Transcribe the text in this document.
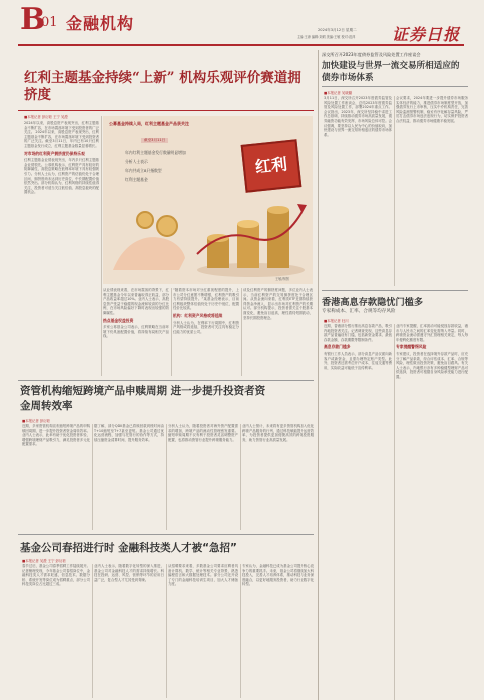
B
01 金融机构	2024年3月12日 星期二
主编:王涛 编辑:刘炳 美编:王敏 校对:范萍 证券日报
红利主题基金持续“上新” 机构乐观评价赛道拥挤度
■本报记者 彭衍菘 王宁 吴澄
2024年以来，高股息资产表现突出，红利主题基金不断扩容，在市场震荡环境下受到投资者的广泛关注。 2024年以来，高股息资产表现突出，红利主题基金不断扩容，在市场震荡环境下受到投资者的广泛关注。截至3月11日，年内已有10只红利主题基金发行成立，红利主题基金数量显著增长。
对市场的红利资产拥挤度仍保持乐观
红利主题基金业绩表现突出，年内多只红利主题基金业绩领先。公募机构表示，红利资产具有较好的防御属性，高股息策略在低利率环境下具有较强吸引力。分析人士认为，红利资产的估值仍处于合理区间，拥挤度尚未达到历史高位，中长期配置价值依然突出。部分机构认为，红利风格的持续性值得关注，投资者可适当关注低估值、高股息板块的配置机会。
公募基金持续入局，红利主题基金产品获关注
截至3月11日
年内红利主题基金发行数量明显增加
分析人士表示
年内共成立8只指数型
红利主题基金
红利
王敏/制图
从业绩表现来看，在市场震荡的背景下，红利主题基金今年以来普遍取得正收益，部分产品收益率超过10%。业内人士表示，高股息资产受益于稳健的现金流和较高的分红比例，在市场风险偏好下降时表现出较强的防御属性。
热点基金权益投资
多家公募基金公司表示，红利策略在当前环境下仍具备配置价值，将持续布局相关产品线。
“随着资本市场对分红重视程度的提升，上市公司分红意愿不断增强，红利资产的吸引力有望持续提升。”某基金经理表示，目前红利板块整体估值仍处于历史中低位，配置性价比较高。
机构：红利资产风格或将延续
分析人士认为，在利率下行周期中，红利资产风格或将延续，投资者可关注具有稳定分红能力的优质公司。
谈及红利资产的拥挤度问题，多位业内人士表示，当前红利资产的交易拥挤度处于合理区间。从资金流向来看，红利类ETF近期持续获得资金净流入，显示出市场对红利资产的长期认可。部分机构提示，投资者需关注个股基本面变化，避免盲目追高，理性看待短期波动，坚持长期投资理念。
深交所召开2023年度债券监管及风险处置工作座谈会
加快建设与世界一流交易所相适应的债券市场体系
■本报记者 吴晓璐
3月11日，深交所召开2023年度债券监管及风险处置工作座谈会，总结2023年度债券监管及风险处置工作，部署2024年重点工作。会议指出，2023年，深交所坚持稳中求进工作总基调，持续推动债券市场高质量发展，债券融资功能有效发挥，市场风险总体可控。会议强调，要坚持以人民为中心的价值取向，加快建设与世界一流交易所相适应的债券市场体系。
会议要求，2024年要进一步提升债券市场服务实体经济的能力，推进债券市场制度型开放，加强债券发行上市审核，压实中介机构责任，完善风险监测预警机制，稳妥有序化解存量风险，严厉打击债券市场违法违规行为，切实保护投资者合法权益，推动债券市场健康平稳发展。
香港高息存款隐忧门槛多
专家称成本、汇率、合规等均存风险
■本报记者 杜川
近期，香港部分银行推出高息存款产品，吸引内地投资者关注。记者调查发现，这些高息存款产品普遍设有门槛，包括新资金要求、最低存款金额、存款期限等限制条件。
高息存款门槛多
有银行工作人员表示，部分高息产品仅面向新客户或新资金，且需办理特定账户类型。此外，投资者还需考虑开户成本、往返交通等费用，实际收益可能低于宣传利率。
业内专家提醒，汇率波动可能侵蚀存款收益，港币与人民币之间的汇率变化需纳入考量。同时，跨境资金流动需遵守外汇管理相关规定，每人每年便利化额度有限。
专家提醒警惕风险
专家建议，投资者在选择境外存款产品时，应充分了解产品条款，综合评估成本、汇率、合规等风险，理性做出投资决策，避免盲目跟风。有关人士表示，内地银行亦有多种稳健型理财产品可供选择，投资者可根据自身风险承受能力进行配置。
资管机构缩短跨境产品申赎周期 进一步提升投资者资金周转效率
■本报记者 彭衍菘
近期，多家资管机构宣布缩短跨境产品的申购赎回周期，进一步提升投资者资金周转效率。业内人士表示，此举有助于优化投资者体验，增强跨境理财产品吸引力，满足投资者多元化配置需求。
据了解，部分QDII基金已将赎回款到账时间由T+10缩短至T+7甚至更短。基金公司通过优化运营流程、加强与托管行的协作等方式，持续压缩资金清算时间，提升服务效率。
分析人士认为，随着投资者对海外资产配置需求的增加，跨境产品的流动性管理愈发重要。缩短申赎周期不仅有利于投资者灵活调整资产配置，也将推动资管行业提升跨境服务能力。
业内人士预计，未来将有更多资管机构加入优化跨境产品服务的行列，通过科技赋能提升运营效率，为投资者提供更加便捷高效的跨境投资服务，助力资管行业高质量发展。
基金公司春招进行时 金融科技类人才被“急招”
■本报记者 吴澄 王宁 彭衍菘
春节过后，基金公司春季招聘工作陆续展开。记者梳理发现，今年基金公司春招岗位中，金融科技类人才需求旺盛，信息技术、数据分析、系统开发等岗位成为招聘重点，部分公司科技类岗位占比超过三成。
业内人士表示，随着数字化转型的深入推进，基金公司对金融科技人才的需求持续增长。科技在投研、运营、风控、营销等环节的应用日益广泛，复合型人才尤其受到青睐。
从招聘要求来看，多数基金公司要求应聘者具备计算机、数学、统计等相关专业背景，熟悉编程语言和大数据处理技术。部分公司还开设了专门的金融科技培训生项目，加大人才储备力度。
专家认为，金融科技已成为基金公司提升核心竞争力的重要抓手。未来，基金公司将继续加大科技投入，完善人才培养体系，推动科技与业务深度融合，以更好地服务投资者，助力行业数字化转型。
